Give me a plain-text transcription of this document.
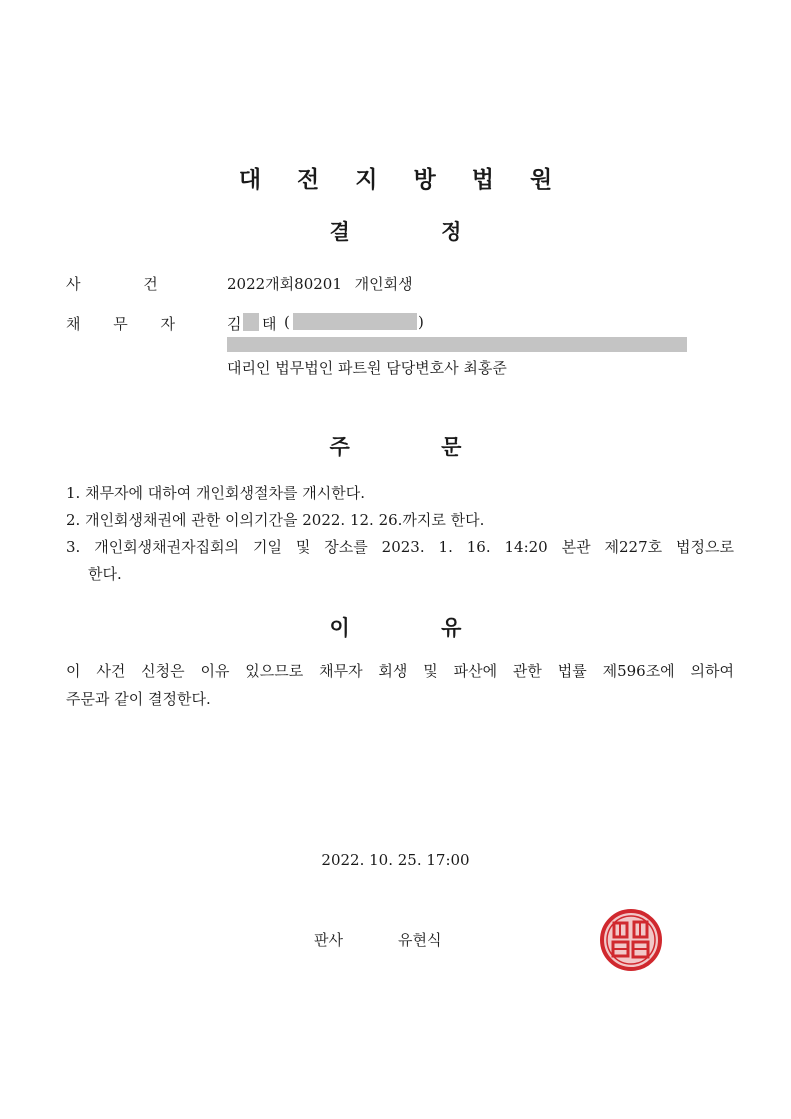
대 전 지 방 법 원
결 정
사 건	2022개회80201 개인회생
채 무 자	김 태 (	)
대리인 법무법인 파트원 담당변호사 최홍준
주 문
1. 채무자에 대하여 개인회생절차를 개시한다.
2. 개인회생채권에 관한 이의기간을 2022. 12. 26.까지로 한다.
3. 개인회생채권자집회의 기일 및 장소를 2023. 1. 16. 14:20 본관 제227호 법정으로
한다.
이 유
이 사건 신청은 이유 있으므로 채무자 회생 및 파산에 관한 법률 제596조에 의하여
주문과 같이 결정한다.
2022. 10. 25. 17:00
판사	유현식
